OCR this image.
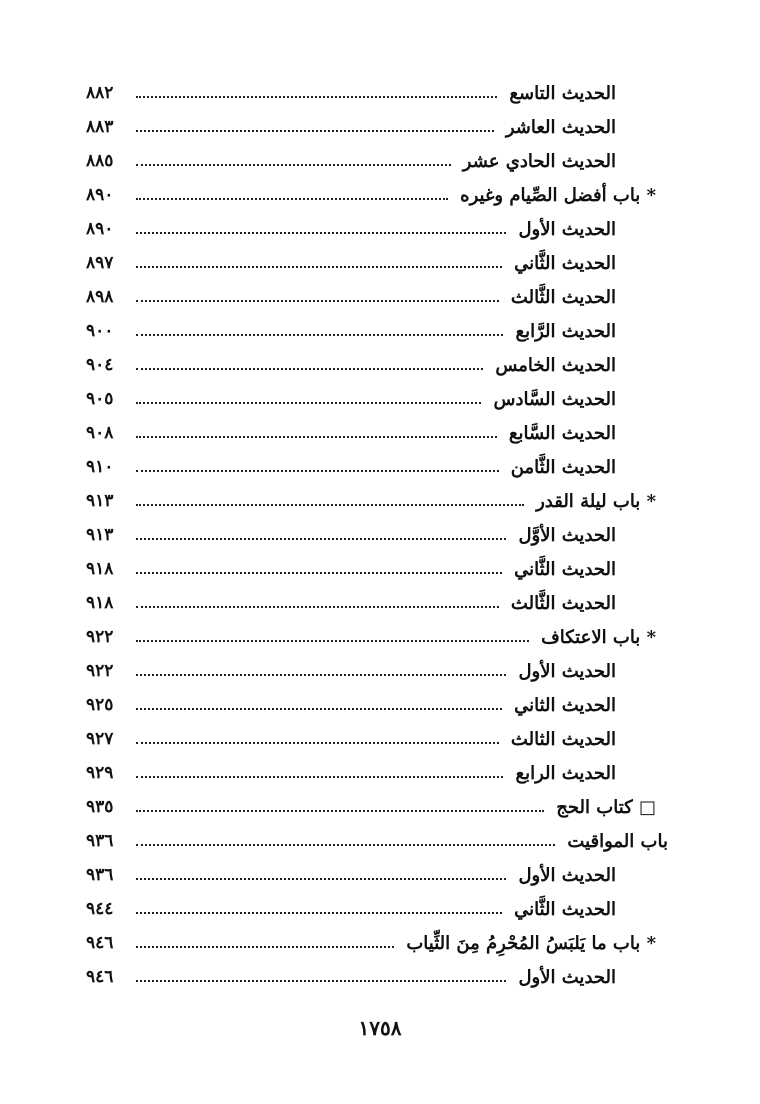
الحديث التاسع
٨٨٢
الحديث العاشر
٨٨٣
الحديث الحادي عشر
٨٨٥
* باب أفضل الصِّيام وغيره
٨٩٠
الحديث الأول
٨٩٠
الحديث الثَّاني
٨٩٧
الحديث الثَّالث
٨٩٨
الحديث الرَّابع
٩٠٠
الحديث الخامس
٩٠٤
الحديث السَّادس
٩٠٥
الحديث السَّابع
٩٠٨
الحديث الثَّامن
٩١٠
* باب ليلة القدر
٩١٣
الحديث الأوَّل
٩١٣
الحديث الثَّاني
٩١٨
الحديث الثَّالث
٩١٨
* باب الاعتكاف
٩٢٢
الحديث الأول
٩٢٢
الحديث الثاني
٩٢٥
الحديث الثالث
٩٢٧
الحديث الرابع
٩٢٩
□ كتاب الحج
٩٣٥
باب المواقيت
٩٣٦
الحديث الأول
٩٣٦
الحديث الثَّاني
٩٤٤
* باب ما يَلبَسُ المُحْرِمُ مِنَ الثِّياب
٩٤٦
الحديث الأول
٩٤٦
١٧٥٨
